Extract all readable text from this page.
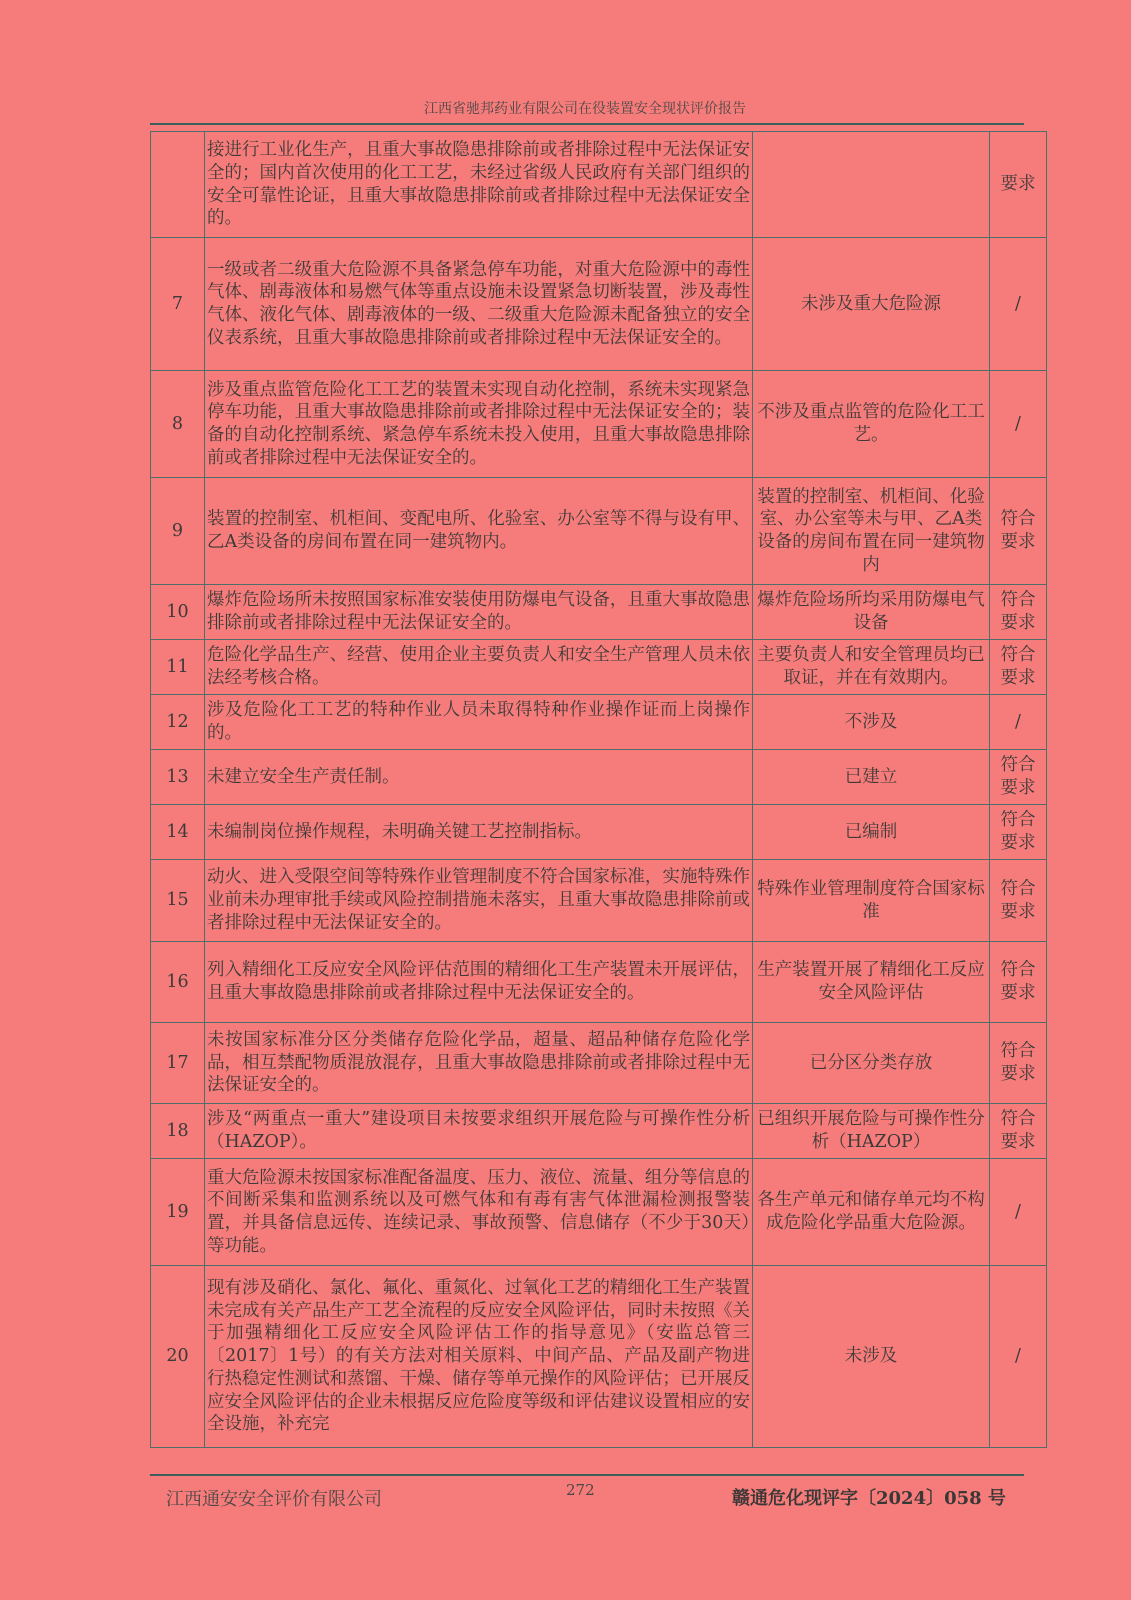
江西省驰邦药业有限公司在役装置安全现状评价报告
	接进行工业化生产，且重大事故隐患排除前或者排除过程中无法保证安全的；国内首次使用的化工工艺，未经过省级人民政府有关部门组织的安全可靠性论证，且重大事故隐患排除前或者排除过程中无法保证安全的。		要求
7	一级或者二级重大危险源不具备紧急停车功能，对重大危险源中的毒性气体、剧毒液体和易燃气体等重点设施未设置紧急切断装置，涉及毒性气体、液化气体、剧毒液体的一级、二级重大危险源未配备独立的安全仪表系统，且重大事故隐患排除前或者排除过程中无法保证安全的。	未涉及重大危险源	/
8	涉及重点监管危险化工工艺的装置未实现自动化控制，系统未实现紧急停车功能，且重大事故隐患排除前或者排除过程中无法保证安全的；装备的自动化控制系统、紧急停车系统未投入使用，且重大事故隐患排除前或者排除过程中无法保证安全的。	不涉及重点监管的危险化工工艺。	/
9	装置的控制室、机柜间、变配电所、化验室、办公室等不得与设有甲、乙A类设备的房间布置在同一建筑物内。	装置的控制室、机柜间、化验室、办公室等未与甲、乙A类设备的房间布置在同一建筑物内	符合要求
10	爆炸危险场所未按照国家标准安装使用防爆电气设备，且重大事故隐患排除前或者排除过程中无法保证安全的。	爆炸危险场所均采用防爆电气设备	符合要求
11	危险化学品生产、经营、使用企业主要负责人和安全生产管理人员未依法经考核合格。	主要负责人和安全管理员均已取证，并在有效期内。	符合要求
12	涉及危险化工工艺的特种作业人员未取得特种作业操作证而上岗操作的。	不涉及	/
13	未建立安全生产责任制。	已建立	符合要求
14	未编制岗位操作规程，未明确关键工艺控制指标。	已编制	符合要求
15	动火、进入受限空间等特殊作业管理制度不符合国家标准，实施特殊作业前未办理审批手续或风险控制措施未落实，且重大事故隐患排除前或者排除过程中无法保证安全的。	特殊作业管理制度符合国家标准	符合要求
16	列入精细化工反应安全风险评估范围的精细化工生产装置未开展评估，且重大事故隐患排除前或者排除过程中无法保证安全的。	生产装置开展了精细化工反应安全风险评估	符合要求
17	未按国家标准分区分类储存危险化学品，超量、超品种储存危险化学品，相互禁配物质混放混存，且重大事故隐患排除前或者排除过程中无法保证安全的。	已分区分类存放	符合要求
18	涉及“两重点一重大”建设项目未按要求组织开展危险与可操作性分析（HAZOP）。	已组织开展危险与可操作性分析（HAZOP）	符合要求
19	重大危险源未按国家标准配备温度、压力、液位、流量、组分等信息的不间断采集和监测系统以及可燃气体和有毒有害气体泄漏检测报警装置，并具备信息远传、连续记录、事故预警、信息储存（不少于30天）等功能。	各生产单元和储存单元均不构成危险化学品重大危险源。	/
20	现有涉及硝化、氯化、氟化、重氮化、过氧化工艺的精细化工生产装置未完成有关产品生产工艺全流程的反应安全风险评估，同时未按照《关于加强精细化工反应安全风险评估工作的指导意见》（安监总管三〔2017〕1号）的有关方法对相关原料、中间产品、产品及副产物进行热稳定性测试和蒸馏、干燥、储存等单元操作的风险评估；已开展反应安全风险评估的企业未根据反应危险度等级和评估建议设置相应的安全设施，补充完	未涉及	/
江西通安安全评价有限公司	272	赣通危化现评字〔2024〕058 号
